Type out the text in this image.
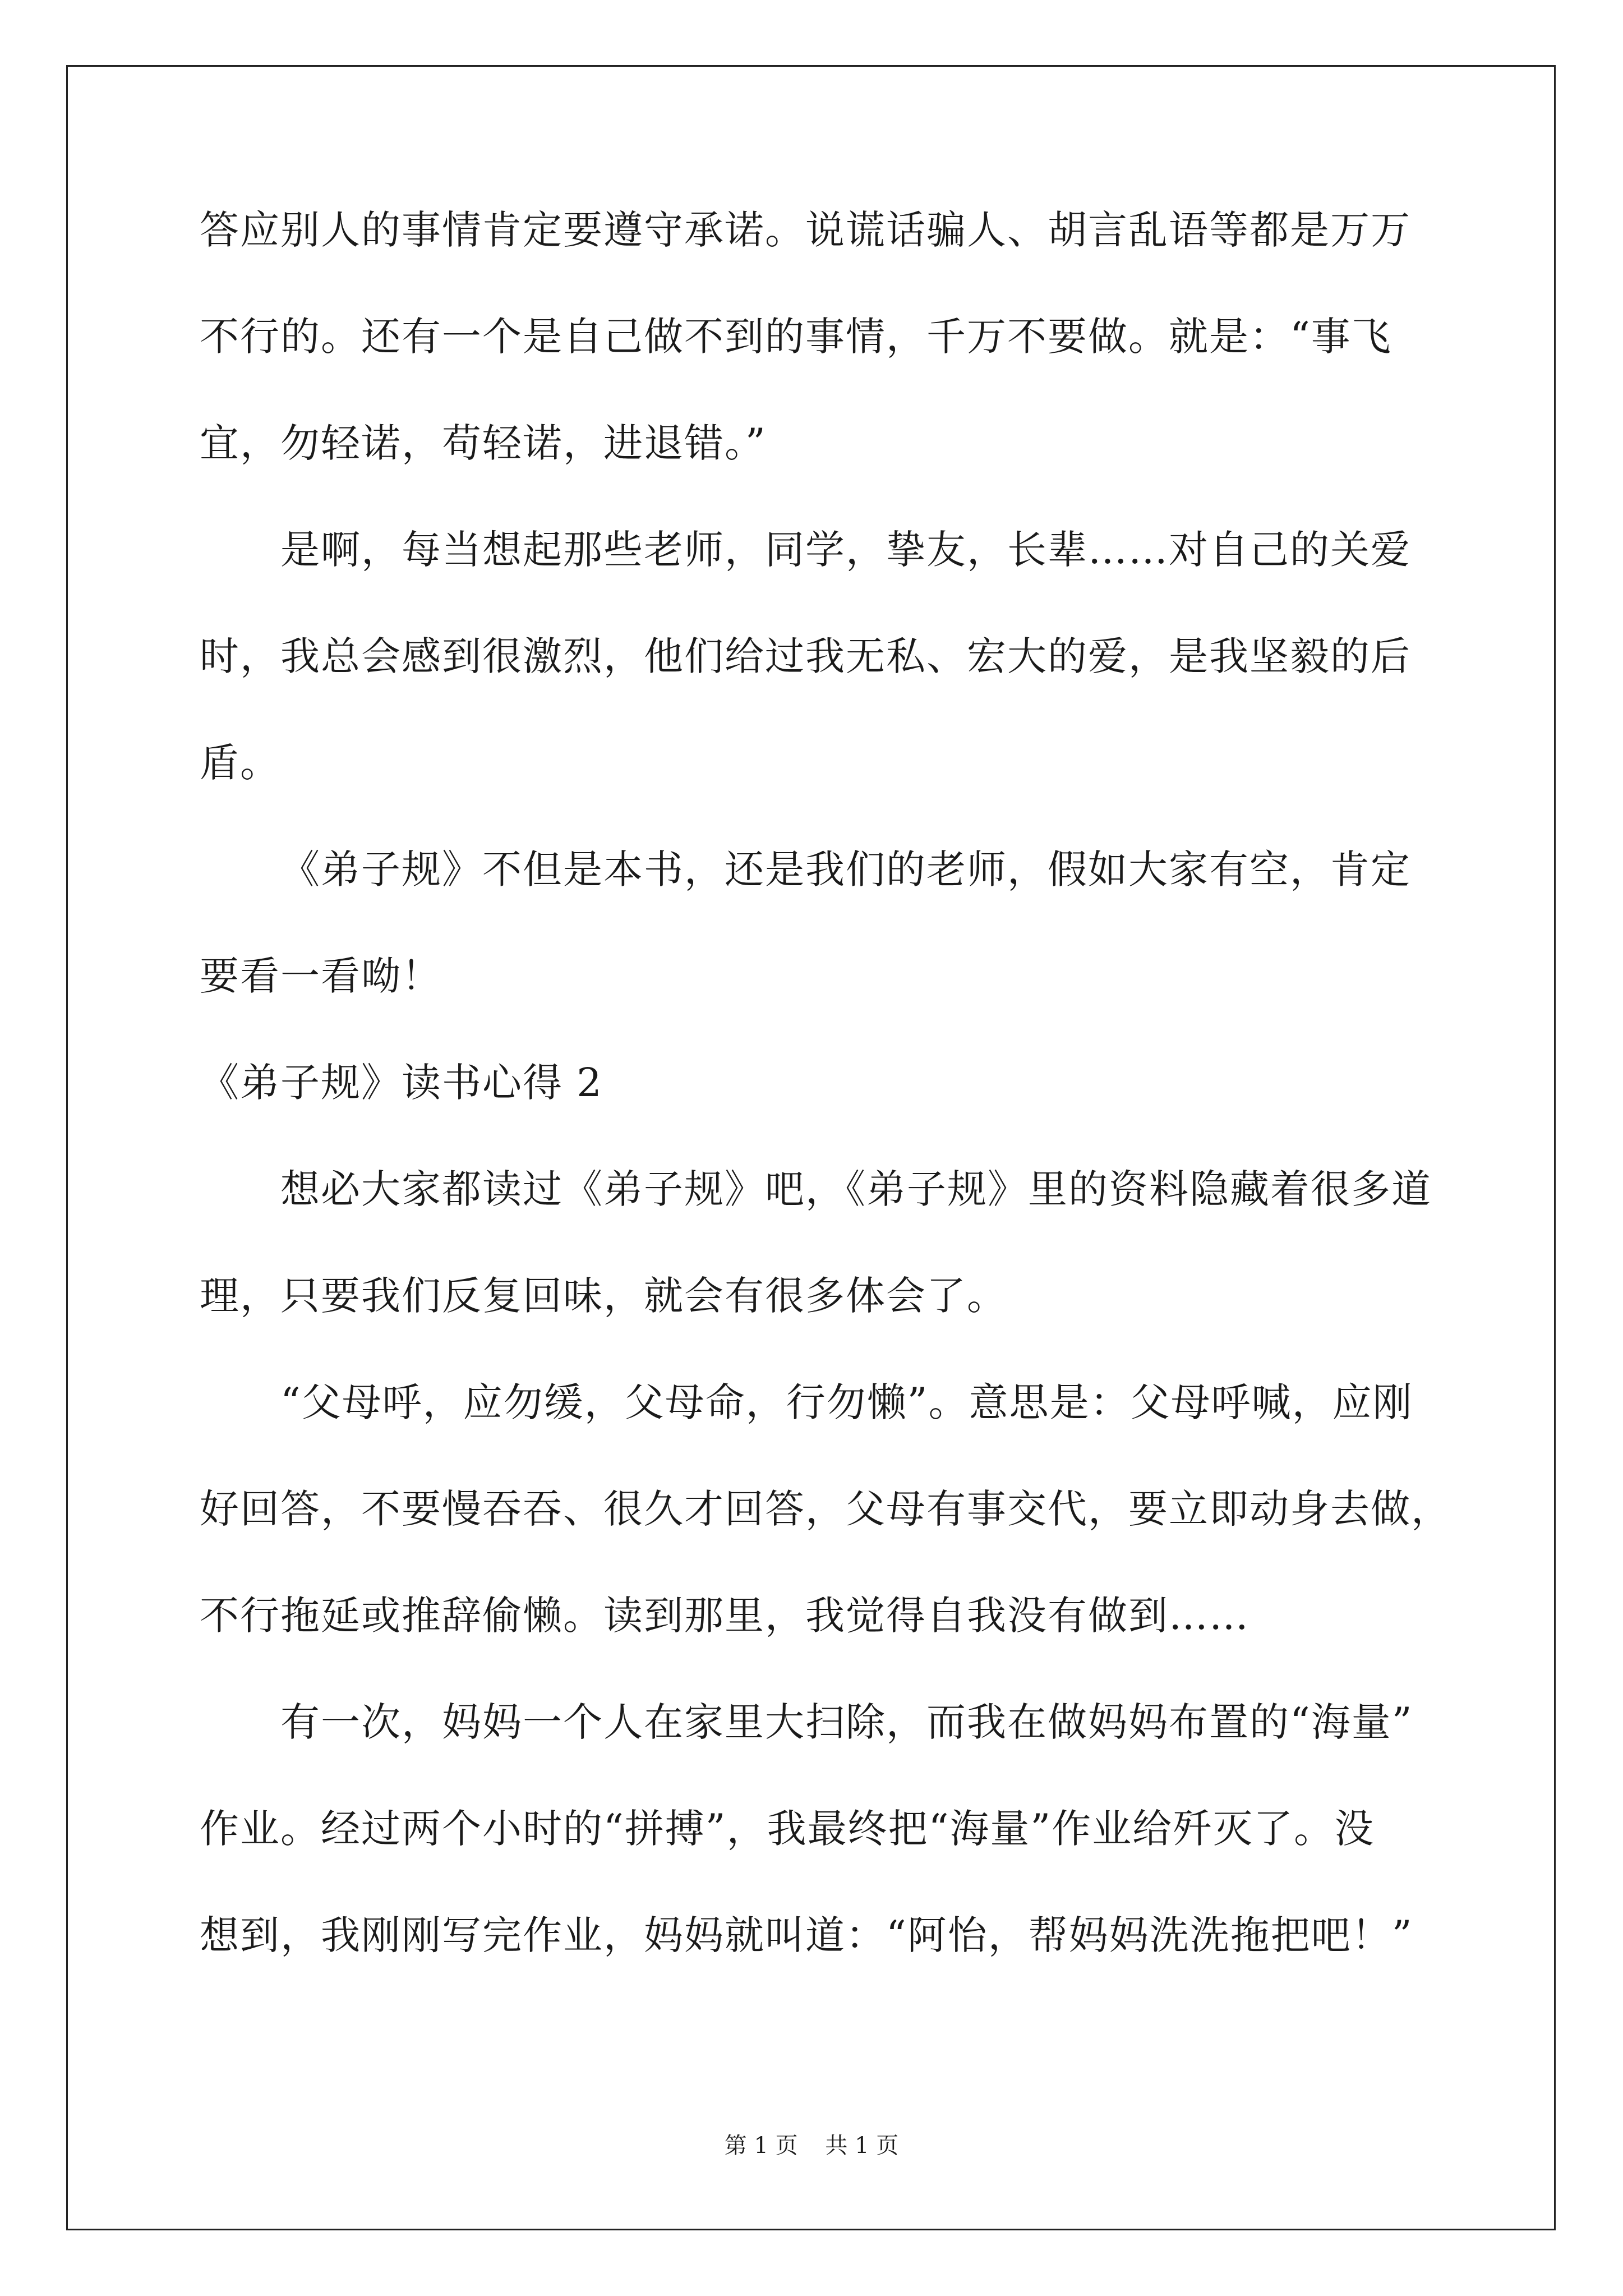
答应别人的事情肯定要遵守承诺。说谎话骗人、胡言乱语等都是万万

不行的。还有一个是自己做不到的事情，千万不要做。就是：“事飞

宜，勿轻诺，苟轻诺，进退错。”

是啊，每当想起那些老师，同学，挚友，长辈……对自己的关爱

时，我总会感到很激烈，他们给过我无私、宏大的爱，是我坚毅的后

盾。

《弟子规》不但是本书，还是我们的老师，假如大家有空，肯定

要看一看呦！

《弟子规》读书心得 2

想必大家都读过《弟子规》吧，《弟子规》里的资料隐藏着很多道

理，只要我们反复回味，就会有很多体会了。

“父母呼，应勿缓，父母命，行勿懒”。意思是：父母呼喊，应刚

好回答，不要慢吞吞、很久才回答，父母有事交代，要立即动身去做，

不行拖延或推辞偷懒。读到那里，我觉得自我没有做到……

有一次，妈妈一个人在家里大扫除，而我在做妈妈布置的“海量”

作业。经过两个小时的“拼搏”，我最终把“海量”作业给歼灭了。没

想到，我刚刚写完作业，妈妈就叫道：“阿怡，帮妈妈洗洗拖把吧！”

第 1 页 共 1 页
